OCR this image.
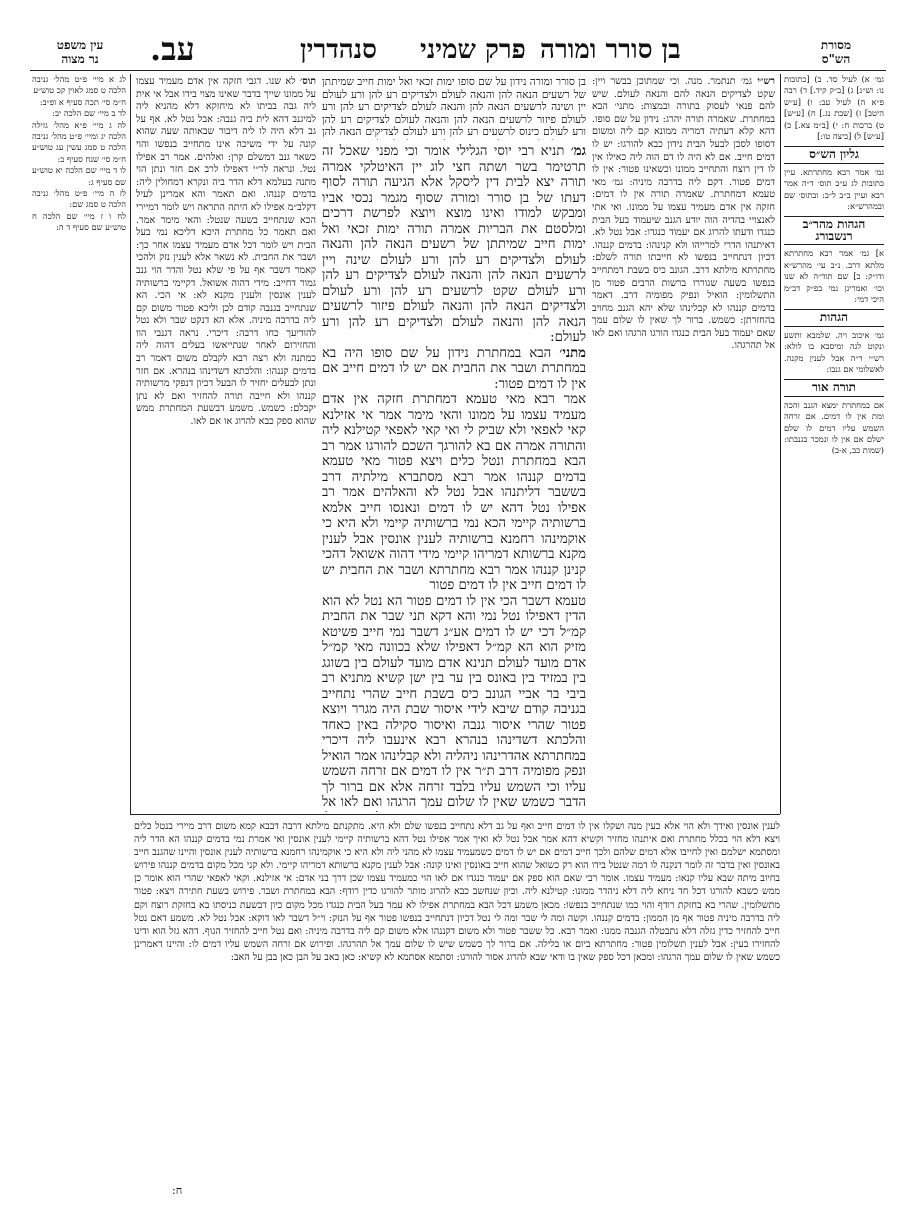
עב.	סנהדרין פרק שמיני בן סורר ומורה
עין משפט
נר מצוה
מסורת
הש"ס

לג א מיי׳ פ״ט מהל׳ גניבה הלכה ט סמג לאוין קכ טוש״ע

ח״מ סי׳ תכה סעיף א ופ״ב:

לד ב מיי׳ שם הלכה יב:

לה ג מיי׳ פ״א מהל׳ גזילה הלכה יג ומיי׳ פ״ט מהל׳ גניבה הלכה ט סמג עשין עג טוש״ע ח״מ סי׳ שנח סעיף ב:

לו ד מיי׳ שם הלכה יא טוש״ע שם סעיף ג:

לז ה מיי׳ פ״ט מהל׳ גניבה הלכה ט סמג שם:

לח ו ז מיי׳ שם הלכה ח טוש״ע שם סעיף ד ה:

גמ׳ א) לעיל סד. ב) [כתובות נו: וש״נ] ג) [ב״ק קיד.] ד) רבה פ״א ה) לעיל עב: ו) [ע״ש היטב] ז) [שבת נג.] ח) [ע״ש] ט) ברכות ח: י) [ב״מ צא.] כ) [ע״ש] ל) [ביצה טו:]

גליון הש״ס

גמ׳ אמר רבא מחתרתא. עיין כתובות לג ע״ב תוס׳ ד״ה אמר רבא ועיין ב״ב ל״ב: ובתוס׳ שם ובמהרש״א:

הגהות מהר״ב רנשבורג

א] גמ׳ אמר רבא מחתרתא מלתא דרב. נ״ב עי׳ מהרש״א ודו״ק: ב] שם תוד״ה לא שנו וכו׳ ואמרינן נמי בפ״ק דב״מ היכי דמי:

הגהות

גמ׳ איכוב ויה. שלמבא ותשע ונקוט לנה ומיסבא בו לולא: רש״י ד״ה אבל לענין מקנה. לאשלומי אם גנבו:

תורה אור

אם במחתרת ימצא הגנב והכה ומת אין לו דמים. אם זרחה השמש עליו דמים לו שלם ישלם אם אין לו ונמכר בגנבתו: (שמות כב, א-ב)

רש״י גמ׳ תנתמר. מנה. וכי שמתוכן בבשר ויין: שקט לצדיקים הנאה להם והנאה לעולם. שיש להם פנאי לעסוק בתורה ובמצות: מתני׳ הבא במחתרת. שאמרה תורה יהרג: נידון על שם סופו. דהא קלא דעתיה דמריה ממונא קם ליה ומשום דסופו לסכן לבעל הבית נידון כבא להורגו: יש לו דמים חייב. אם לא היה לו דם הוה ליה כאילו אין לו דין רוצח והתחייב ממונו וכשאינו פטור: אין לו דמים פטור. דקם ליה בדרבה מיניה: גמ׳ מאי טעמא דמחתרת. שאמרה תורה אין לו דמים: חזקה אין אדם מעמיד עצמו על ממונו. ואי אתי לאנצויי בהדיה הוה יודע הגנב שיעמוד בעל הבית כנגדו ודעתו להרוג אם יעמוד כנגדו: אבל נטל לא. דאיתנהו הדרי למרייהו ולא קנינהו: בדמים קננהו. דכיון דנתחייב בנפשו לא חייבתו תורה לשלם: מחתרתא מילתא דרב. הגונב כיס בשבת דמתחייב בנפשו בשעה שגוררו ברשות הרבים פטור מן התשלומין: הואיל ונפיק מפומיה דרב. דאמר בדמים קננהו לא קבלינהו שלא יהא הגנב מחויב בהחזרתן: כשמש. ברור לך שאין לו שלום עמך שאם יעמוד בעל הבית כנגדו הורגו הרגהו ואם לאו אל תהרגהו.

גמ׳ תניא רבי יוסי הגלילי אומר וכי מפני שאכל זה תרטימר בשר ושתה חצי לוג יין האיטלקי אמרה תורה יצא לבית דין ליסקל אלא הגיעה תורה לסוף דעתו של בן סורר ומורה שסוף מגמר נכסי אביו ומבקש למודו ואינו מוצא ויוצא לפרשת דרכים ומלסטם את הבריות אמרה תורה ימות זכאי ואל ימות חייב שמיתתן של רשעים הנאה להן והנאה לעולם ולצדיקים רע להן ורע לעולם שינה ויין לרשעים הנאה להן והנאה לעולם לצדיקים רע להן ורע לעולם שקט לרשעים רע להן ורע לעולם ולצדיקים הנאה להן והנאה לעולם פיזור לרשעים הנאה להן והנאה לעולם ולצדיקים רע להן ורע לעולם:

מתני׳ הבא במחתרת נידון על שם סופו היה בא במחתרת ושבר את החבית אם יש לו דמים חייב אם אין לו דמים פטור:

אמר רבא מאי טעמא דמחתרת חזקה אין אדם מעמיד עצמו על ממונו והאי מימר אמר אי אזילנא קאי לאפאי ולא שביק לי ואי קאי לאפאי קטילנא ליה והתורה אמרה אם בא להורגך השכם להורגו אמר רב הבא במחתרת ונטל כלים ויצא פטור מאי טעמא בדמים קננהו אמר רבא מסתברא מילתיה דרב בששבר דליתנהו אבל נטל לא והאלהים אמר רב אפילו נטל דהא יש לו דמים ונאנסו חייב אלמא ברשותיה קיימי הכא נמי ברשותיה קיימי ולא היא כי אוקמינהו רחמנא ברשותיה לענין אונסין אבל לענין מקנא ברשותא דמריהו קיימי מידי דהוה אשואל דהכי קנינן קננהו אמר רבא מחתרתא ושבר את החבית יש לו דמים חייב אין לו דמים פטור

טעמא דשבר הכי אין לו דמים פטור הא נטל לא הוא הדין דאפילו נטל נמי והא דקא תני שבר את החבית קמ״ל דכי יש לו דמים אע״ג דשבר נמי חייב פשיטא מזיק הוא הא קמ״ל דאפילו שלא בכוונה מאי קמ״ל אדם מועד לעולם תנינא אדם מועד לעולם בין בשוגג בין במזיד בין באונס בין ער בין ישן קשיא מתניא רב ביבי בר אביי הגונב כיס בשבת חייב שהרי נתחייב בגניבה קודם שיבא לידי איסור שבת היה מגרר ויוצא פטור שהרי איסור גנבה ואיסור סקילה באין כאחד והלכתא דשדינהו בנהרא רבא אינעבו ליה דיכרי במחתרתא אהדרינהו ניהליה ולא קבלינהו אמר הואיל ונפק מפומיה דרב ת״ר אין לו דמים אם זרחה השמש עליו וכי השמש עליו בלבד זרחה אלא אם ברור לך הדבר כשמש שאין לו שלום עמך הרגהו ואם לאו אל

בן סורר ומורה נידון על שם סופו ימות זכאי ואל ימות חייב שמיתתן של רשעים הנאה להן והנאה לעולם ולצדיקים רע להן ורע לעולם יין ושינה לרשעים הנאה להן והנאה לעולם לצדיקים רע להן ורע לעולם פיזור לרשעים הנאה להן והנאה לעולם לצדיקים רע להן ורע לעולם כינוס לרשעים רע להן ורע לעולם לצדיקים הנאה להן

תוס׳ לא שנו. דגבי חזקה אין אדם מעמיד עצמו על ממונו שייך בדבר שאינו מצוי בידו אבל אי אית ליה גבה בביתו לא מיחזקא דלא מהניא ליה למיגנב דהא לית ביה גנבה: אבל נטל לא. אף על גב דלא היה לו ליה דיבור שבאותה שעה שהוא קונה על ידי משיכה אינו מתחייב בנפשו והוי כשאר גנב דמשלם קרן: ואלהים. אמר רב אפילו נטל. ונראה לר״י דאפילו לרב אם חזר ונתן הוי מתנה בעלמא דלא הדר ביה ונקרא דמחולין ליה: בדמים קננהו. ואם תאמר והא אמרינן לעיל דקלב״מ אפילו לא היתה התראה ויש לומר דמיירי הכא שנתחייב בשעה שנטל: והאי מימר אמר. ואם תאמר כל מחתרת היכא דליכא נמי בעל הבית ויש לומר דכל אדם מעמיד עצמו אחר כך: ושבר את החבית. לא נשאר אלא לענין נזק ולהכי קאמר דשבר אף על פי שלא נטל והדר הוי גנב גמור דחייב: מידי דהוה אשואל. דקיימי ברשותיה לענין אונסין ולענין מקנא לא: אי הכי. הא שנתחייב בגנבה קודם לכן וליכא פטור משום קם ליה בדרבה מיניה. אלא הא דנקט שבר ולא נטל להודיעך כחו דרבה: דיכרי. נראה דגנבי הוו והחזירום לאחר שנתייאשו בעלים דהוה ליה כמתנה ולא רצה רבא לקבלם משום דאמר רב בדמים קננהו: והלכתא דשדינהו בנהרא. אם חזר ונתן לבעלים יחזיר לו הבעל דכיון דנפקי מרשותיה קננהו ולא חייבה תורה להחזיר ואם לא נתן יקבלם: כשמש. משמע דבשעת המחתרת ממש שהוא ספק כבא להרוג או אם לאו.

לענין אונסין ואידך ולא הוי אלא כעין מנה ושקלו אין לו דמים חייב ואף על גב דלא נתחייב בנפשו שלם ולא היא. מתקנתם מילתא דרבה דבבא קמא משום דרב מיירי בנטל כלים ויצא דלא הוי בכלל מחתרת ואם איתנהו מחזיר וקשיא דהא אמר אבל נטל לא ואיך אמר אפילו נטל דהא ברשותיה קיימי לענין אונסין ואי אמרת נמי בדמים קננהו הא הדר ליה ומסתמא ישלמם ואין לחייבו אלא דמים שלהם ולכך חייב דמים אם יש לו דמים כשמעמיד עצמו לא מהני ליה ולא היא כי אוקמינהו רחמנא ברשותיה לענין אונסין והיינו שהגנב חייב באונסין ואין בדבר זה לומר דנקנה לו דמה שנטל בידו הוא רק כשואל שהוא חייב באונסין ואינו קונה: אבל לענין מקנא ברשותא דמריהו קיימי. ולא קני מכל מקום בדמים קננהו פירוש בחיוב מיתה שבא עליו קנאו: מעמיד עצמו. אומר רבי שאם הוא ספק אם יעמוד כנגדו אם לאו הוי כמעמיד עצמו שכן דרך בני אדם: אי אזילנא. וקאי לאפאי שהרי הוא אומר כן ממש כשבא להורגו דכל חד ניחא ליה דלא ניהדר ממונו: קטילנא ליה. וכיון שנחשב כבא להרוג מותר להורגו כדין רודף: הבא במחתרת ושבר. פירוש בשעת חתירה ויצא: פטור מתשלומין. שהרי בא בחזקת רודף והוי כמו שנתחייב בנפשו: מכאן משמע דכל הבא במחתרת אפילו לא עמד בעל הבית כנגדו מכל מקום כיון דבשעת כניסתו בא בחזקת רוצח וקם ליה בדרבה מיניה פטור אף מן הממון: בדמים קננהו. וקשה ומה לי שבר ומה לי נטל דכיון דנתחייב בנפשו פטור אף על הנזק: וי״ל דשבר לאו דוקא: אבל נטל לא. משמע דאם נטל חייב להחזיר כדין גזלה דלא נתבטלה הגנבה ממנו: ואמר רבא. כל ששבר פטור ולא משום דקננהו אלא משום קם ליה בדרבה מיניה: ואם נטל חייב להחזיר הגוף. דהא גזל הוא ודינו להחזירו בעין: אבל לענין תשלומין פטור: מחתרתא ביום או בלילה. אם ברור לך כשמש שיש לו שלום עמך אל תהרגהו. ופירוש אם זרחה השמש עליו דמים לו: והיינו דאמרינן כשמש שאין לו שלום עמך הרגהו: ומכאן דכל ספק שאין בו ודאי שבא להרוג אסור להורגו: וסתמא אסתמא לא קשיא: כאן באב על הבן כאן בבן על האב:

ח:
